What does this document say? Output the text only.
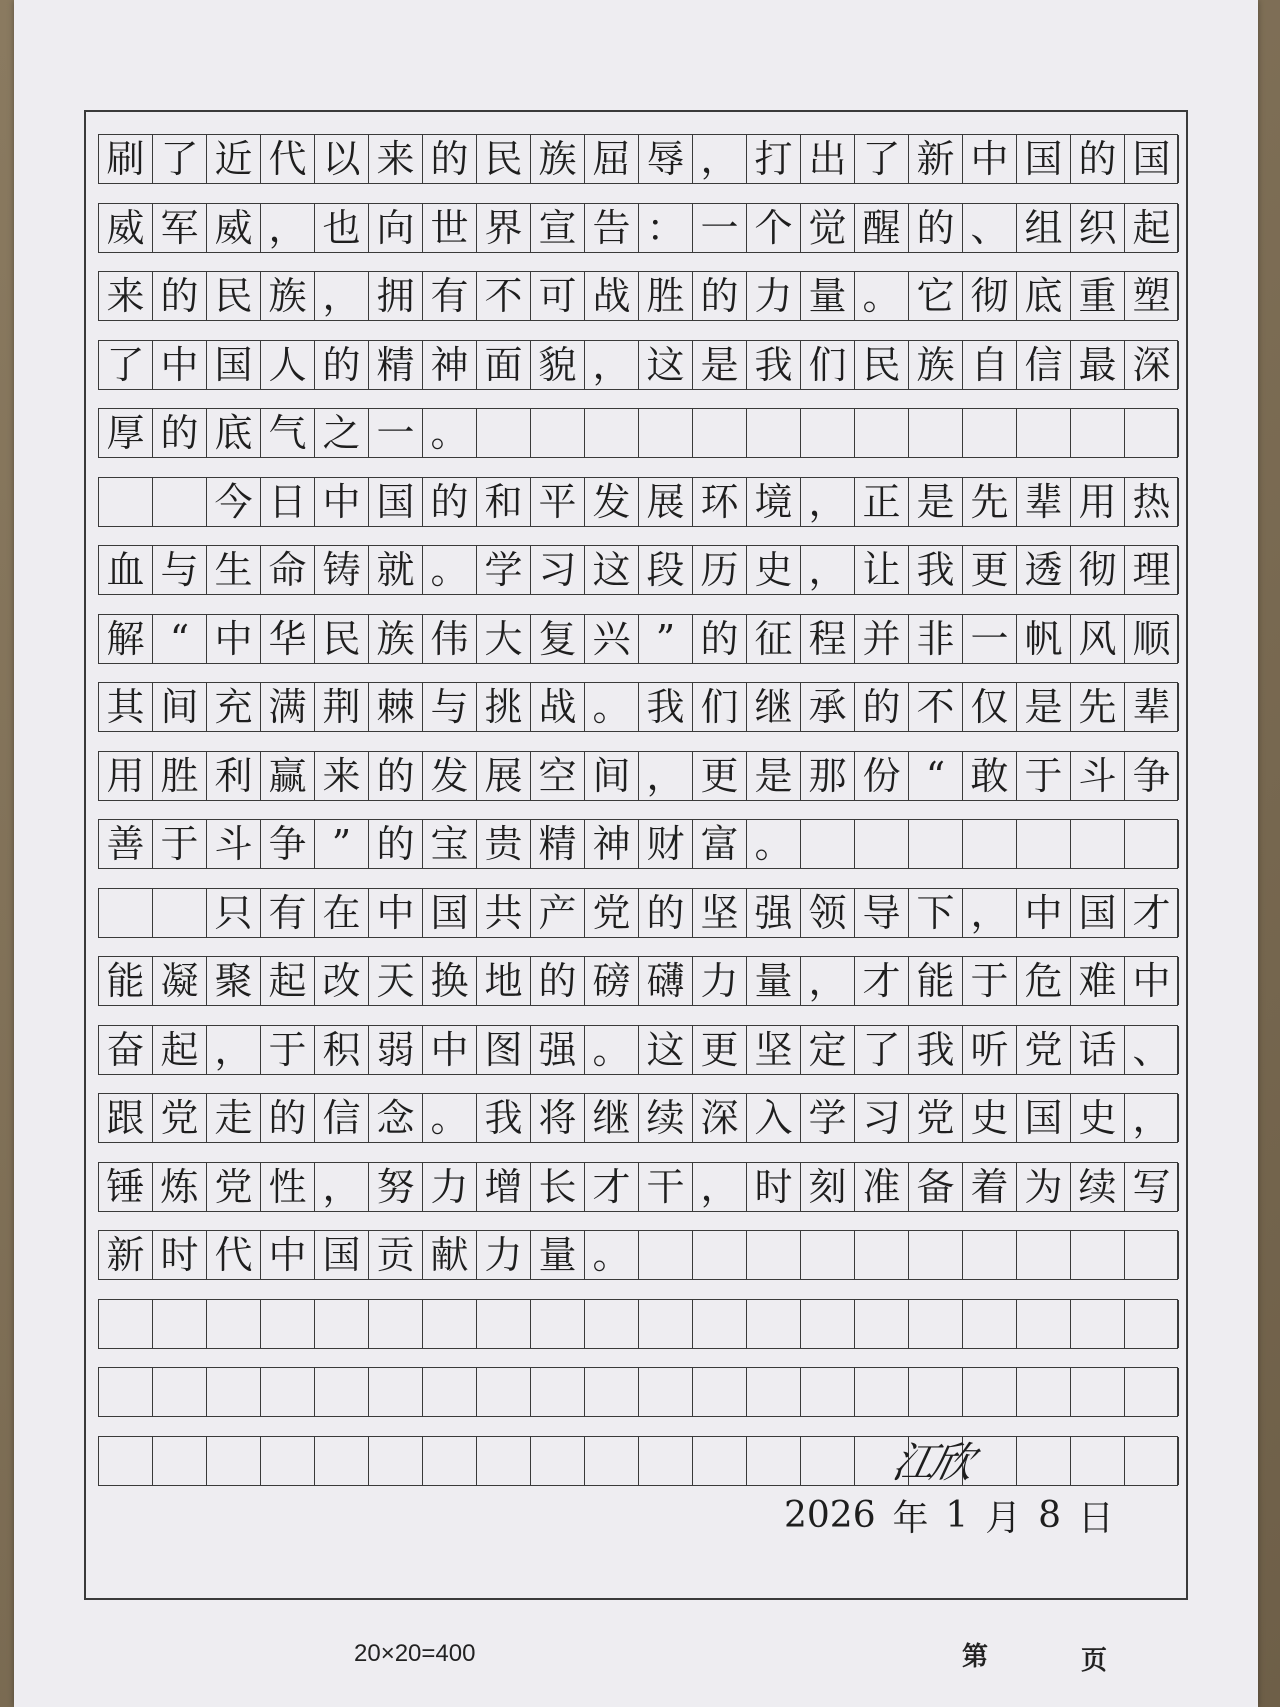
刷 了 近 代 以 来 的 民 族 屈 辱 ， 打 出 了 新 中 国 的 国
威 军 威 ， 也 向 世 界 宣 告 ： 一 个 觉 醒 的 、 组 织 起
来 的 民 族 ， 拥 有 不 可 战 胜 的 力 量 。 它 彻 底 重 塑
了 中 国 人 的 精 神 面 貌 ， 这 是 我 们 民 族 自 信 最 深
厚 的 底 气 之 一 。

今 日 中 国 的 和 平 发 展 环 境 ， 正 是 先 辈 用 热
血 与 生 命 铸 就 。 学 习 这 段 历 史 ， 让 我 更 透 彻 理
解 “ 中 华 民 族 伟 大 复 兴 ” 的 征 程 并 非 一 帆 风 顺
其 间 充 满 荆 棘 与 挑 战 。 我 们 继 承 的 不 仅 是 先 辈
用 胜 利 赢 来 的 发 展 空 间 ， 更 是 那 份 “ 敢 于 斗 争
善 于 斗 争 ” 的 宝 贵 精 神 财 富 。

只 有 在 中 国 共 产 党 的 坚 强 领 导 下 ， 中 国 才
能 凝 聚 起 改 天 换 地 的 磅 礴 力 量 ， 才 能 于 危 难 中
奋 起 ， 于 积 弱 中 图 强 。 这 更 坚 定 了 我 听 党 话 、
跟 党 走 的 信 念 。 我 将 继 续 深 入 学 习 党 史 国 史 ，
锤 炼 党 性 ， 努 力 增 长 才 干 ， 时 刻 准 备 着 为 续 写
新 时 代 中 国 贡 献 力 量 。
江欣
2026 年 1 月 8 日
20×20=400	第	页
